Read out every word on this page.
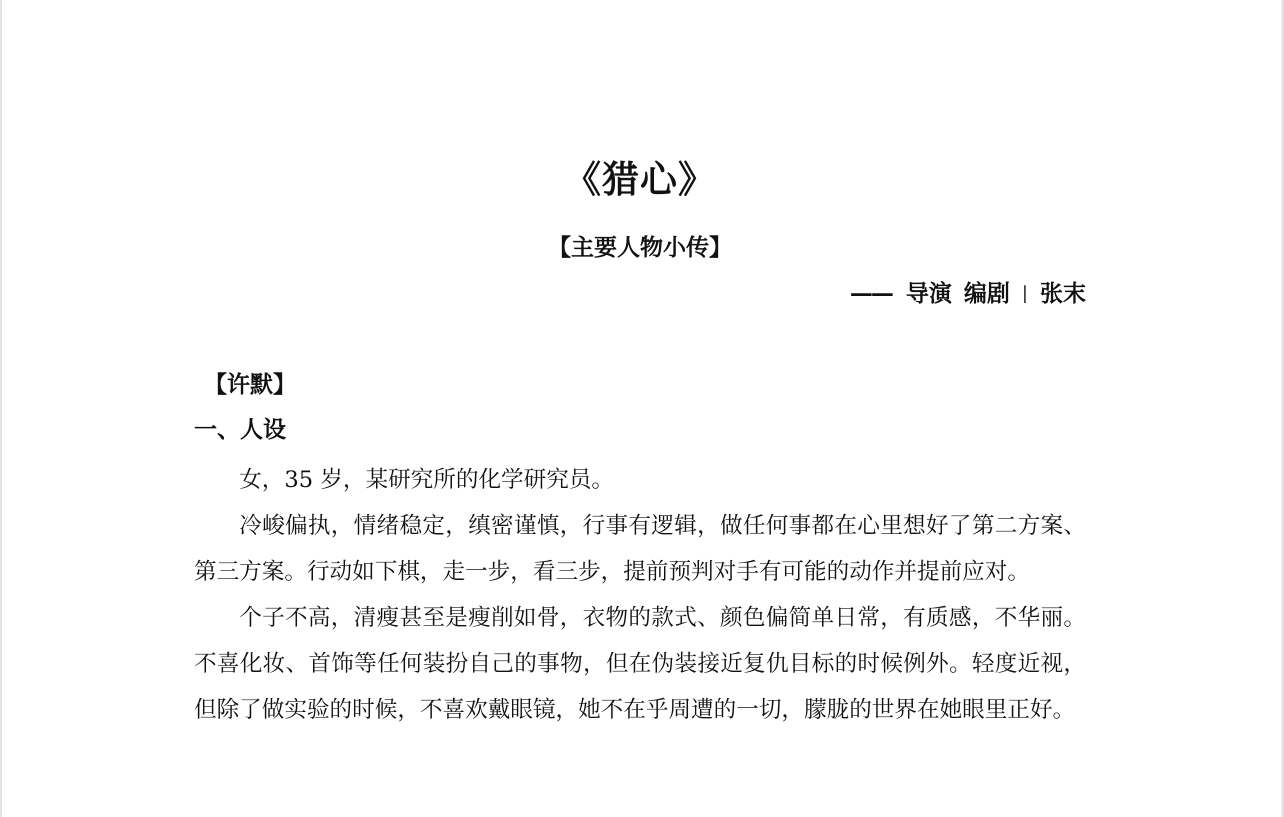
《猎心》
【主要人物小传】
—— 导演 编剧 | 张末
【许默】
一、人设

女，35 岁，某研究所的化学研究员。

冷峻偏执，情绪稳定，缜密谨慎，行事有逻辑，做任何事都在心里想好了第二方案、第三方案。行动如下棋，走一步，看三步，提前预判对手有可能的动作并提前应对。

个子不高，清瘦甚至是瘦削如骨，衣物的款式、颜色偏简单日常，有质感，不华丽。不喜化妆、首饰等任何装扮自己的事物，但在伪装接近复仇目标的时候例外。轻度近视，但除了做实验的时候，不喜欢戴眼镜，她不在乎周遭的一切，朦胧的世界在她眼里正好。
